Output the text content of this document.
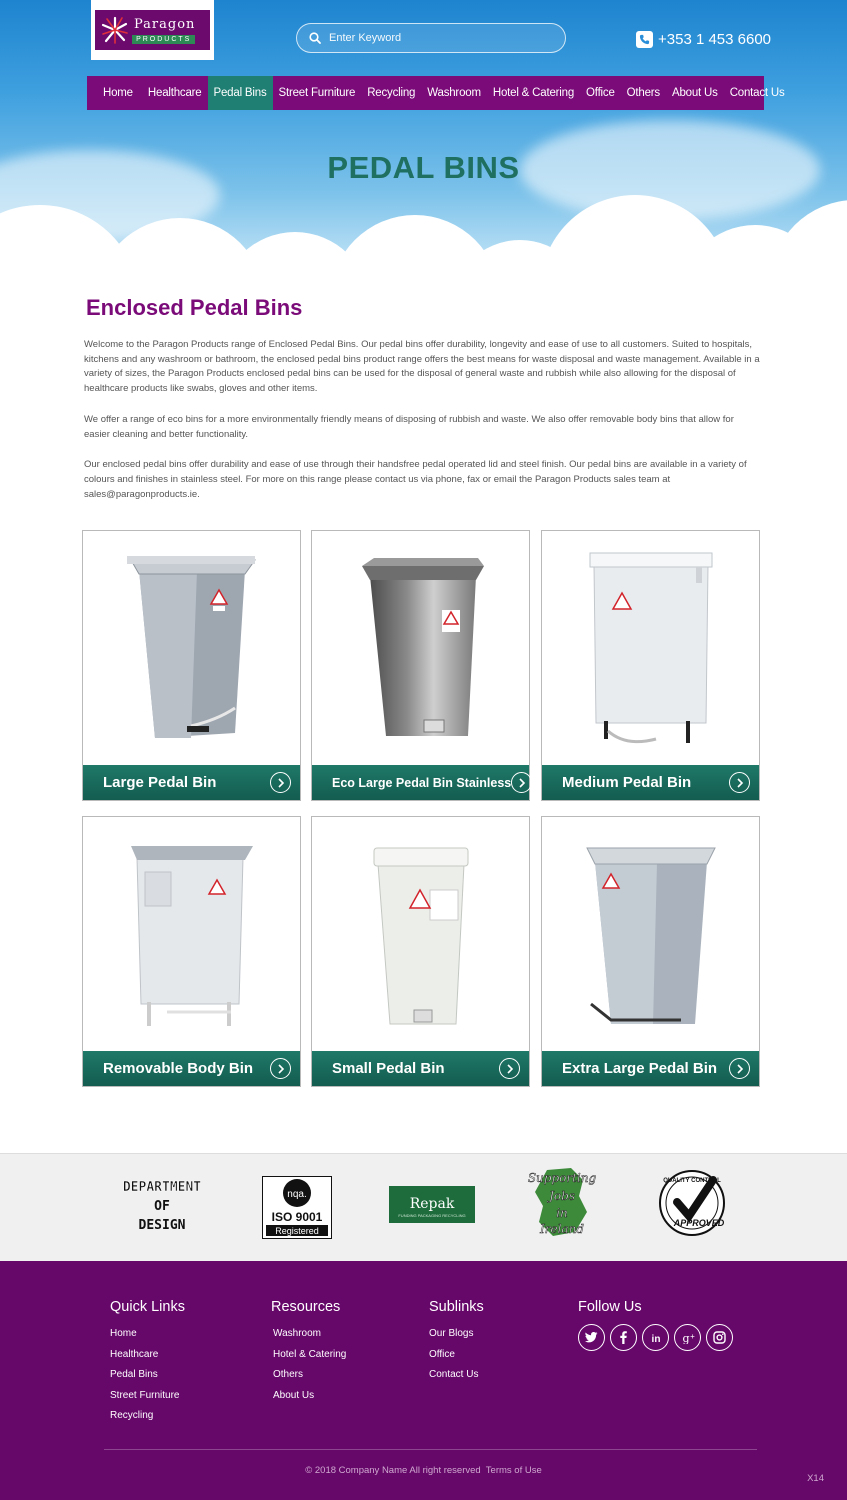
Paragon
PRODUCTS
Enter Keyword	+353 1 453 6600
Home	Healthcare	Pedal Bins	Street Furniture	Recycling	Washroom	Hotel & Catering	Office	Others	About Us	Contact Us
PEDAL BINS
Enclosed Pedal Bins

Welcome to the Paragon Products range of Enclosed Pedal Bins. Our pedal bins offer durability, longevity and ease of use to all customers. Suited to hospitals, kitchens and any washroom or bathroom, the enclosed pedal bins product range offers the best means for waste disposal and waste management. Available in a variety of sizes, the Paragon Products enclosed pedal bins can be used for the disposal of general waste and rubbish while also allowing for the disposal of healthcare products like swabs, gloves and other items.

We offer a range of eco bins for a more environmentally friendly means of disposing of rubbish and waste. We also offer removable body bins that allow for easier cleaning and better functionality.

Our enclosed pedal bins offer durability and ease of use through their handsfree pedal operated lid and steel finish. Our pedal bins are available in a variety of colours and finishes in stainless steel. For more on this range please contact us via phone, fax or email the Paragon Products sales team at sales@paragonproducts.ie.

Large Pedal Bin	Eco Large Pedal Bin Stainless	Medium Pedal Bin
Removable Body Bin	Small Pedal Bin	Extra Large Pedal Bin
DEPARTMENT
OF
DESIGN
nqa.
ISO 9001
Registered
Repak
FUNDING PACKAGING RECYCLING
Supporting
Jobs
in
Ireland
QUALITY CONTROL
APPROVED
Quick Links
Home
Healthcare
Pedal Bins
Street Furniture
Recycling
Resources
Washroom
Hotel & Catering
Others
About Us
Sublinks
Our Blogs
Office
Contact Us
Follow Us
in g +
© 2018 Company Name All right reserved Terms of Use
X14
